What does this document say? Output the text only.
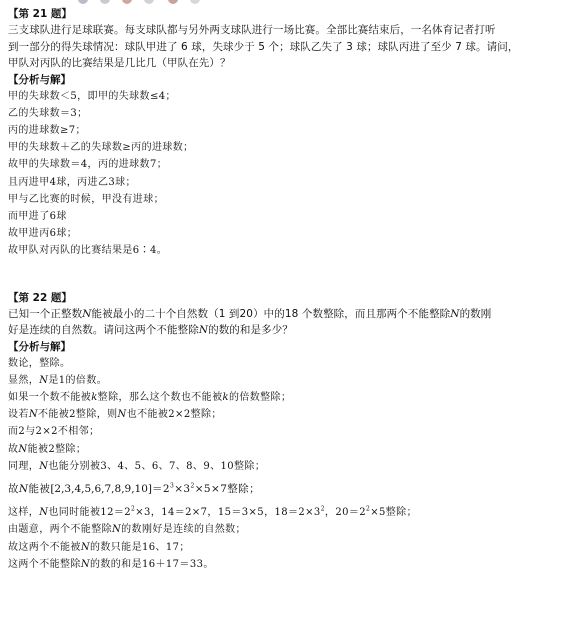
【第 21 题】

三支球队进行足球联赛。每支球队都与另外两支球队进行一场比赛。全部比赛结束后，一名体育记者打听

到一部分的得失球情况：球队甲进了 6 球，失球少于 5 个；球队乙失了 3 球；球队丙进了至少 7 球。请问，

甲队对丙队的比赛结果是几比几（甲队在先）？

【分析与解】

甲的失球数＜5，即甲的失球数≤4；

乙的失球数＝3；

丙的进球数≥7；

甲的失球数＋乙的失球数≥丙的进球数；

故甲的失球数＝4，丙的进球数7；

且丙进甲4球，丙进乙3球；

甲与乙比赛的时候，甲没有进球；

而甲进了6球

故甲进丙6球；

故甲队对丙队的比赛结果是6∶4。

【第 22 题】

已知一个正整数N能被最小的二十个自然数（1 到20）中的18 个数整除，而且那两个不能整除N的数刚

好是连续的自然数。请问这两个不能整除N的数的和是多少？

【分析与解】

数论，整除。

显然，N是1的倍数。

如果一个数不能被k整除，那么这个数也不能被k的倍数整除；

设若N不能被2整除，则N也不能被2×2整除；

而2与2×2不相邻；

故N能被2整除；

同理，N也能分别被3、4、5、6、7、8、9、10整除；

故N能被$[2,3,4,5,6,7,8,9,10]=2^3\times 3^2\times 5\times 7$整除；

这样，N也同时能被$12=2^2\times 3$，14＝2×7，15＝3×5，$18=2\times 3^2$，$20=2^2\times 5$整除；

由题意，两个不能整除N的数刚好是连续的自然数；

故这两个不能被N的数只能是16、17；

这两个不能整除N的数的和是16＋17＝33。
